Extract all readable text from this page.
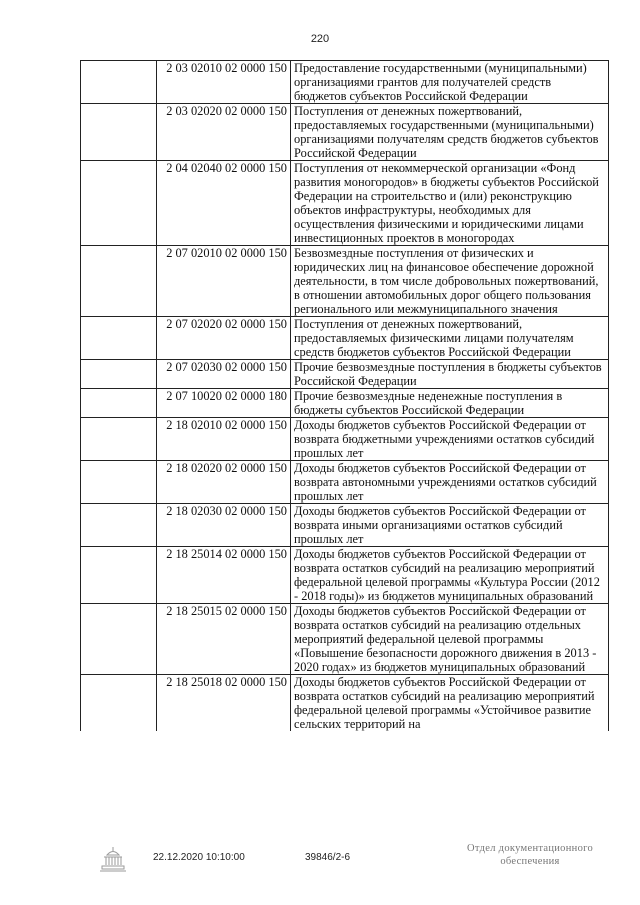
220
	2 03 02010 02 0000 150	Предоставление государственными (муниципальными) организациями грантов для получателей средств бюджетов субъектов Российской Федерации
	2 03 02020 02 0000 150	Поступления от денежных пожертвований, предоставляемых государственными (муниципальными) организациями получателям средств бюджетов субъектов Российской Федерации
	2 04 02040 02 0000 150	Поступления от некоммерческой организации «Фонд развития моногородов» в бюджеты субъектов Российской Федерации на строительство и (или) реконструкцию объектов инфраструктуры, необходимых для осуществления физическими и юридическими лицами инвестиционных проектов в моногородах
	2 07 02010 02 0000 150	Безвозмездные поступления от физических и юридических лиц на финансовое обеспечение дорожной деятельности, в том числе добровольных пожертвований, в отношении автомобильных дорог общего пользования регионального или межмуниципального значения
	2 07 02020 02 0000 150	Поступления от денежных пожертвований, предоставляемых физическими лицами получателям средств бюджетов субъектов Российской Федерации
	2 07 02030 02 0000 150	Прочие безвозмездные поступления в бюджеты субъектов Российской Федерации
	2 07 10020 02 0000 180	Прочие безвозмездные неденежные поступления в бюджеты субъектов Российской Федерации
	2 18 02010 02 0000 150	Доходы бюджетов субъектов Российской Федерации от возврата бюджетными учреждениями остатков субсидий прошлых лет
	2 18 02020 02 0000 150	Доходы бюджетов субъектов Российской Федерации от возврата автономными учреждениями остатков субсидий прошлых лет
	2 18 02030 02 0000 150	Доходы бюджетов субъектов Российской Федерации от возврата иными организациями остатков субсидий прошлых лет
	2 18 25014 02 0000 150	Доходы бюджетов субъектов Российской Федерации от возврата остатков субсидий на реализацию мероприятий федеральной целевой программы «Культура России (2012 - 2018 годы)» из бюджетов муниципальных образований
	2 18 25015 02 0000 150	Доходы бюджетов субъектов Российской Федерации от возврата остатков субсидий на реализацию отдельных мероприятий федеральной целевой программы «Повышение безопасности дорожного движения в 2013 - 2020 годах» из бюджетов муниципальных образований
	2 18 25018 02 0000 150	Доходы бюджетов субъектов Российской Федерации от возврата остатков субсидий на реализацию мероприятий федеральной целевой программы «Устойчивое развитие сельских территорий на
22.12.2020 10:10:00	39846/2-6
Отдел документационного
обеспечения
